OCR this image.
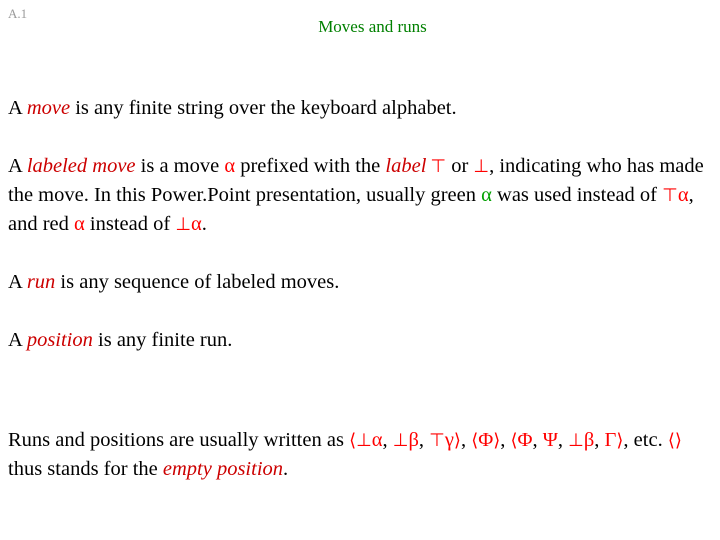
A.1
Moves and runs

A move is any finite string over the keyboard alphabet.

A labeled move is a move α prefixed with the label ⊤ or ⊥, indicating who has made the move. In this Power.Point presentation, usually green α was used instead of ⊤α, and red α instead of ⊥α.

A run is any sequence of labeled moves.

A position is any finite run.

Runs and positions are usually written as ⟨⊥α, ⊥β, ⊤γ⟩, ⟨Φ⟩, ⟨Φ, Ψ, ⊥β, Γ⟩, etc. ⟨⟩ thus stands for the empty position.
